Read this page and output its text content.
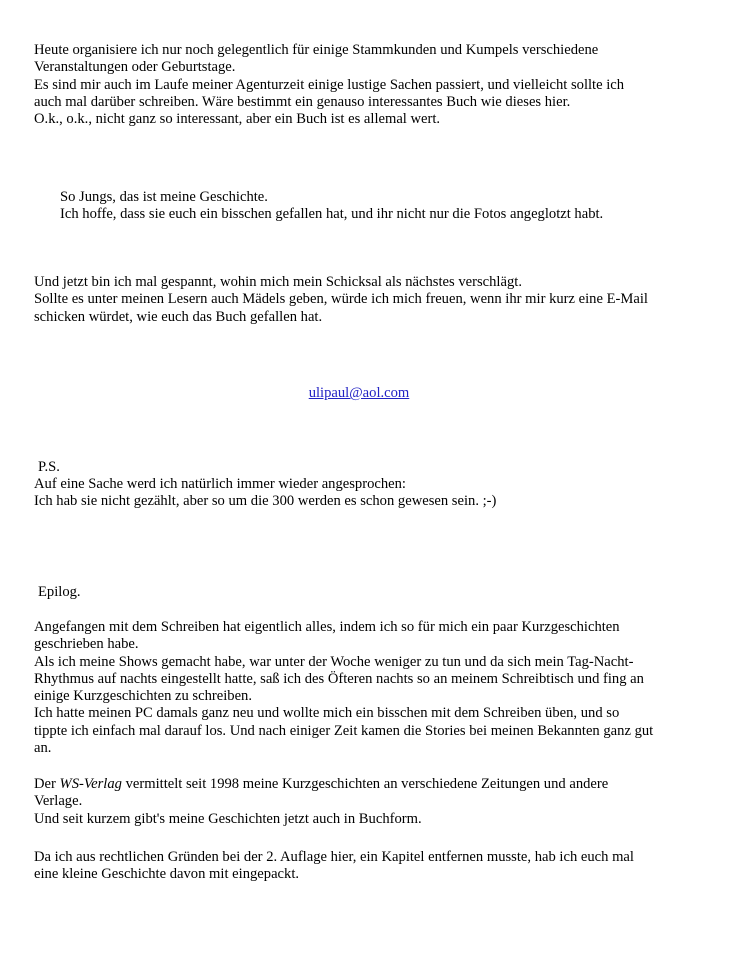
Heute organisiere ich nur noch gelegentlich für einige Stammkunden und Kumpels verschiedene

Veranstaltungen oder Geburtstage.

Es sind mir auch im Laufe meiner Agenturzeit einige lustige Sachen passiert, und vielleicht sollte ich

auch mal darüber schreiben. Wäre bestimmt ein genauso interessantes Buch wie dieses hier.

O.k., o.k., nicht ganz so interessant, aber ein Buch ist es allemal wert.

So Jungs, das ist meine Geschichte.

Ich hoffe, dass sie euch ein bisschen gefallen hat, und ihr nicht nur die Fotos angeglotzt habt.

Und jetzt bin ich mal gespannt, wohin mich mein Schicksal als nächstes verschlägt.

Sollte es unter meinen Lesern auch Mädels geben, würde ich mich freuen, wenn ihr mir kurz eine E-Mail

schicken würdet, wie euch das Buch gefallen hat.

ulipaul@aol.com

P.S.

Auf eine Sache werd ich natürlich immer wieder angesprochen:

Ich hab sie nicht gezählt, aber so um die 300 werden es schon gewesen sein. ;-)

Epilog.

Angefangen mit dem Schreiben hat eigentlich alles, indem ich so für mich ein paar Kurzgeschichten

geschrieben habe.

Als ich meine Shows gemacht habe, war unter der Woche weniger zu tun und da sich mein Tag-Nacht-

Rhythmus auf nachts eingestellt hatte, saß ich des Öfteren nachts so an meinem Schreibtisch und fing an

einige Kurzgeschichten zu schreiben.

Ich hatte meinen PC damals ganz neu und wollte mich ein bisschen mit dem Schreiben üben, und so

tippte ich einfach mal darauf los. Und nach einiger Zeit kamen die Stories bei meinen Bekannten ganz gut

an.

Der WS-Verlag vermittelt seit 1998 meine Kurzgeschichten an verschiedene Zeitungen und andere

Verlage.

Und seit kurzem gibt's meine Geschichten jetzt auch in Buchform.

Da ich aus rechtlichen Gründen bei der 2. Auflage hier, ein Kapitel entfernen musste, hab ich euch mal

eine kleine Geschichte davon mit eingepackt.
